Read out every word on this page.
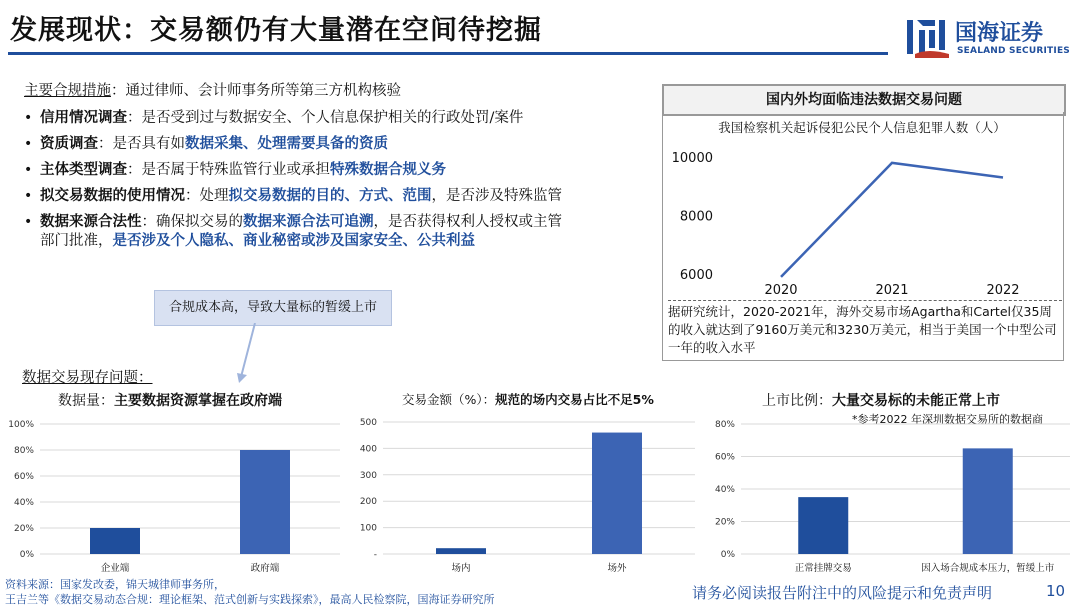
发展现状：交易额仍有大量潜在空间待挖掘	国海证券
SEALAND SECURITIES
主要合规措施：通过律师、会计师事务所等第三方机构核验
• 信用情况调查：是否受到过与数据安全、个人信息保护相关的行政处罚/案件
• 资质调查：是否具有如数据采集、处理需要具备的资质
• 主体类型调查：是否属于特殊监管行业或承担特殊数据合规义务
• 拟交易数据的使用情况：处理拟交易数据的目的、方式、范围，是否涉及特殊监管
• 数据来源合法性：确保拟交易的数据来源合法可追溯，是否获得权利人授权或主管
部门批准，是否涉及个人隐私、商业秘密或涉及国家安全、公共利益
合规成本高，导致大量标的暂缓上市
国内外均面临违法数据交易问题
我国检察机关起诉侵犯公民个人信息犯罪人数（人）
6000
8000
10000
2020	2021	2022
据研究统计，2020-2021年，海外交易市场Agartha和Cartel仅35周的收入就达到了9160万美元和3230万美元，相当于美国一个中型公司一年的收入水平
数据交易现存问题：
数据量：主要数据资源掌握在政府端	交易金额（%）：规范的场内交易占比不足5%	上市比例：大量交易标的未能正常上市
*参考2022 年深圳数据交易所的数据商
0%
20%
40%
60%
80%
100%
企业端	政府端
-
100
200
300
400
500
场内	场外
0%
20%
40%
60%
80%
正常挂牌交易	因入场合规成本压力，暂缓上市
资料来源：国家发改委，锦天城律师事务所，
王吉兰等《数据交易动态合规：理论框架、范式创新与实践探索》，最高人民检察院，国海证券研究所	请务必阅读报告附注中的风险提示和免责声明	10
